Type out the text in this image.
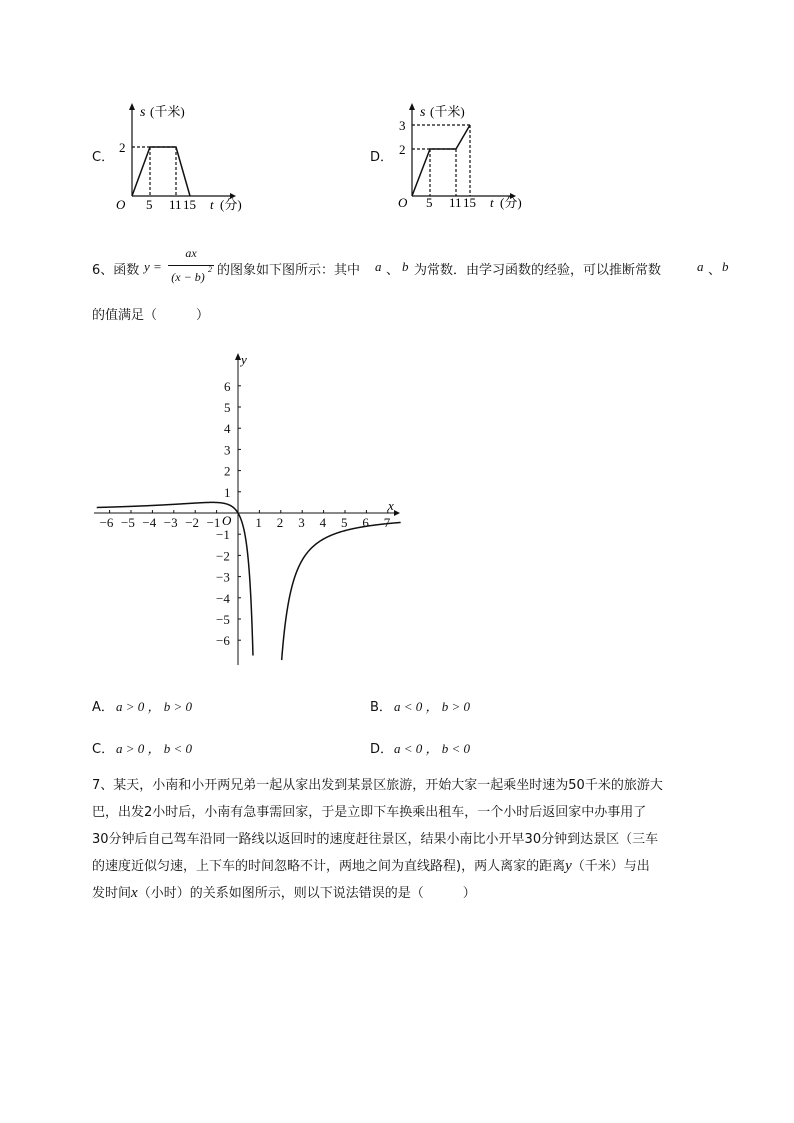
C．
s (千米)
2
O 5 11 15 t (分)
D．
s (千米)
3
2
O 5 11 15 t (分)
6、函数 y =
ax
(x − b)
2 的图象如下图所示：其中 a 、 b 为常数．由学习函数的经验，可以推断常数	a 、 b
的值满足（　　　）
−6 −5 −4 −3 −2 −1	1 2 3 4 5 6 7
6
5
4
3
2
1
−1
−2
−3
−4
−5
−6
x
y
O
A． a > 0 ， b > 0	B． a < 0 ， b > 0
C． a > 0 ， b < 0	D． a < 0 ， b < 0
7、某天，小南和小开两兄弟一起从家出发到某景区旅游，开始大家一起乘坐时速为50千米的旅游大
巴，出发2小时后，小南有急事需回家，于是立即下车换乘出租车，一个小时后返回家中办事用了
30分钟后自己驾车沿同一路线以返回时的速度赶往景区，结果小南比小开早30分钟到达景区（三车
的速度近似匀速，上下车的时间忽略不计，两地之间为直线路程)，两人离家的距离y（千米）与出
发时间x（小时）的关系如图所示，则以下说法错误的是（　　　）
